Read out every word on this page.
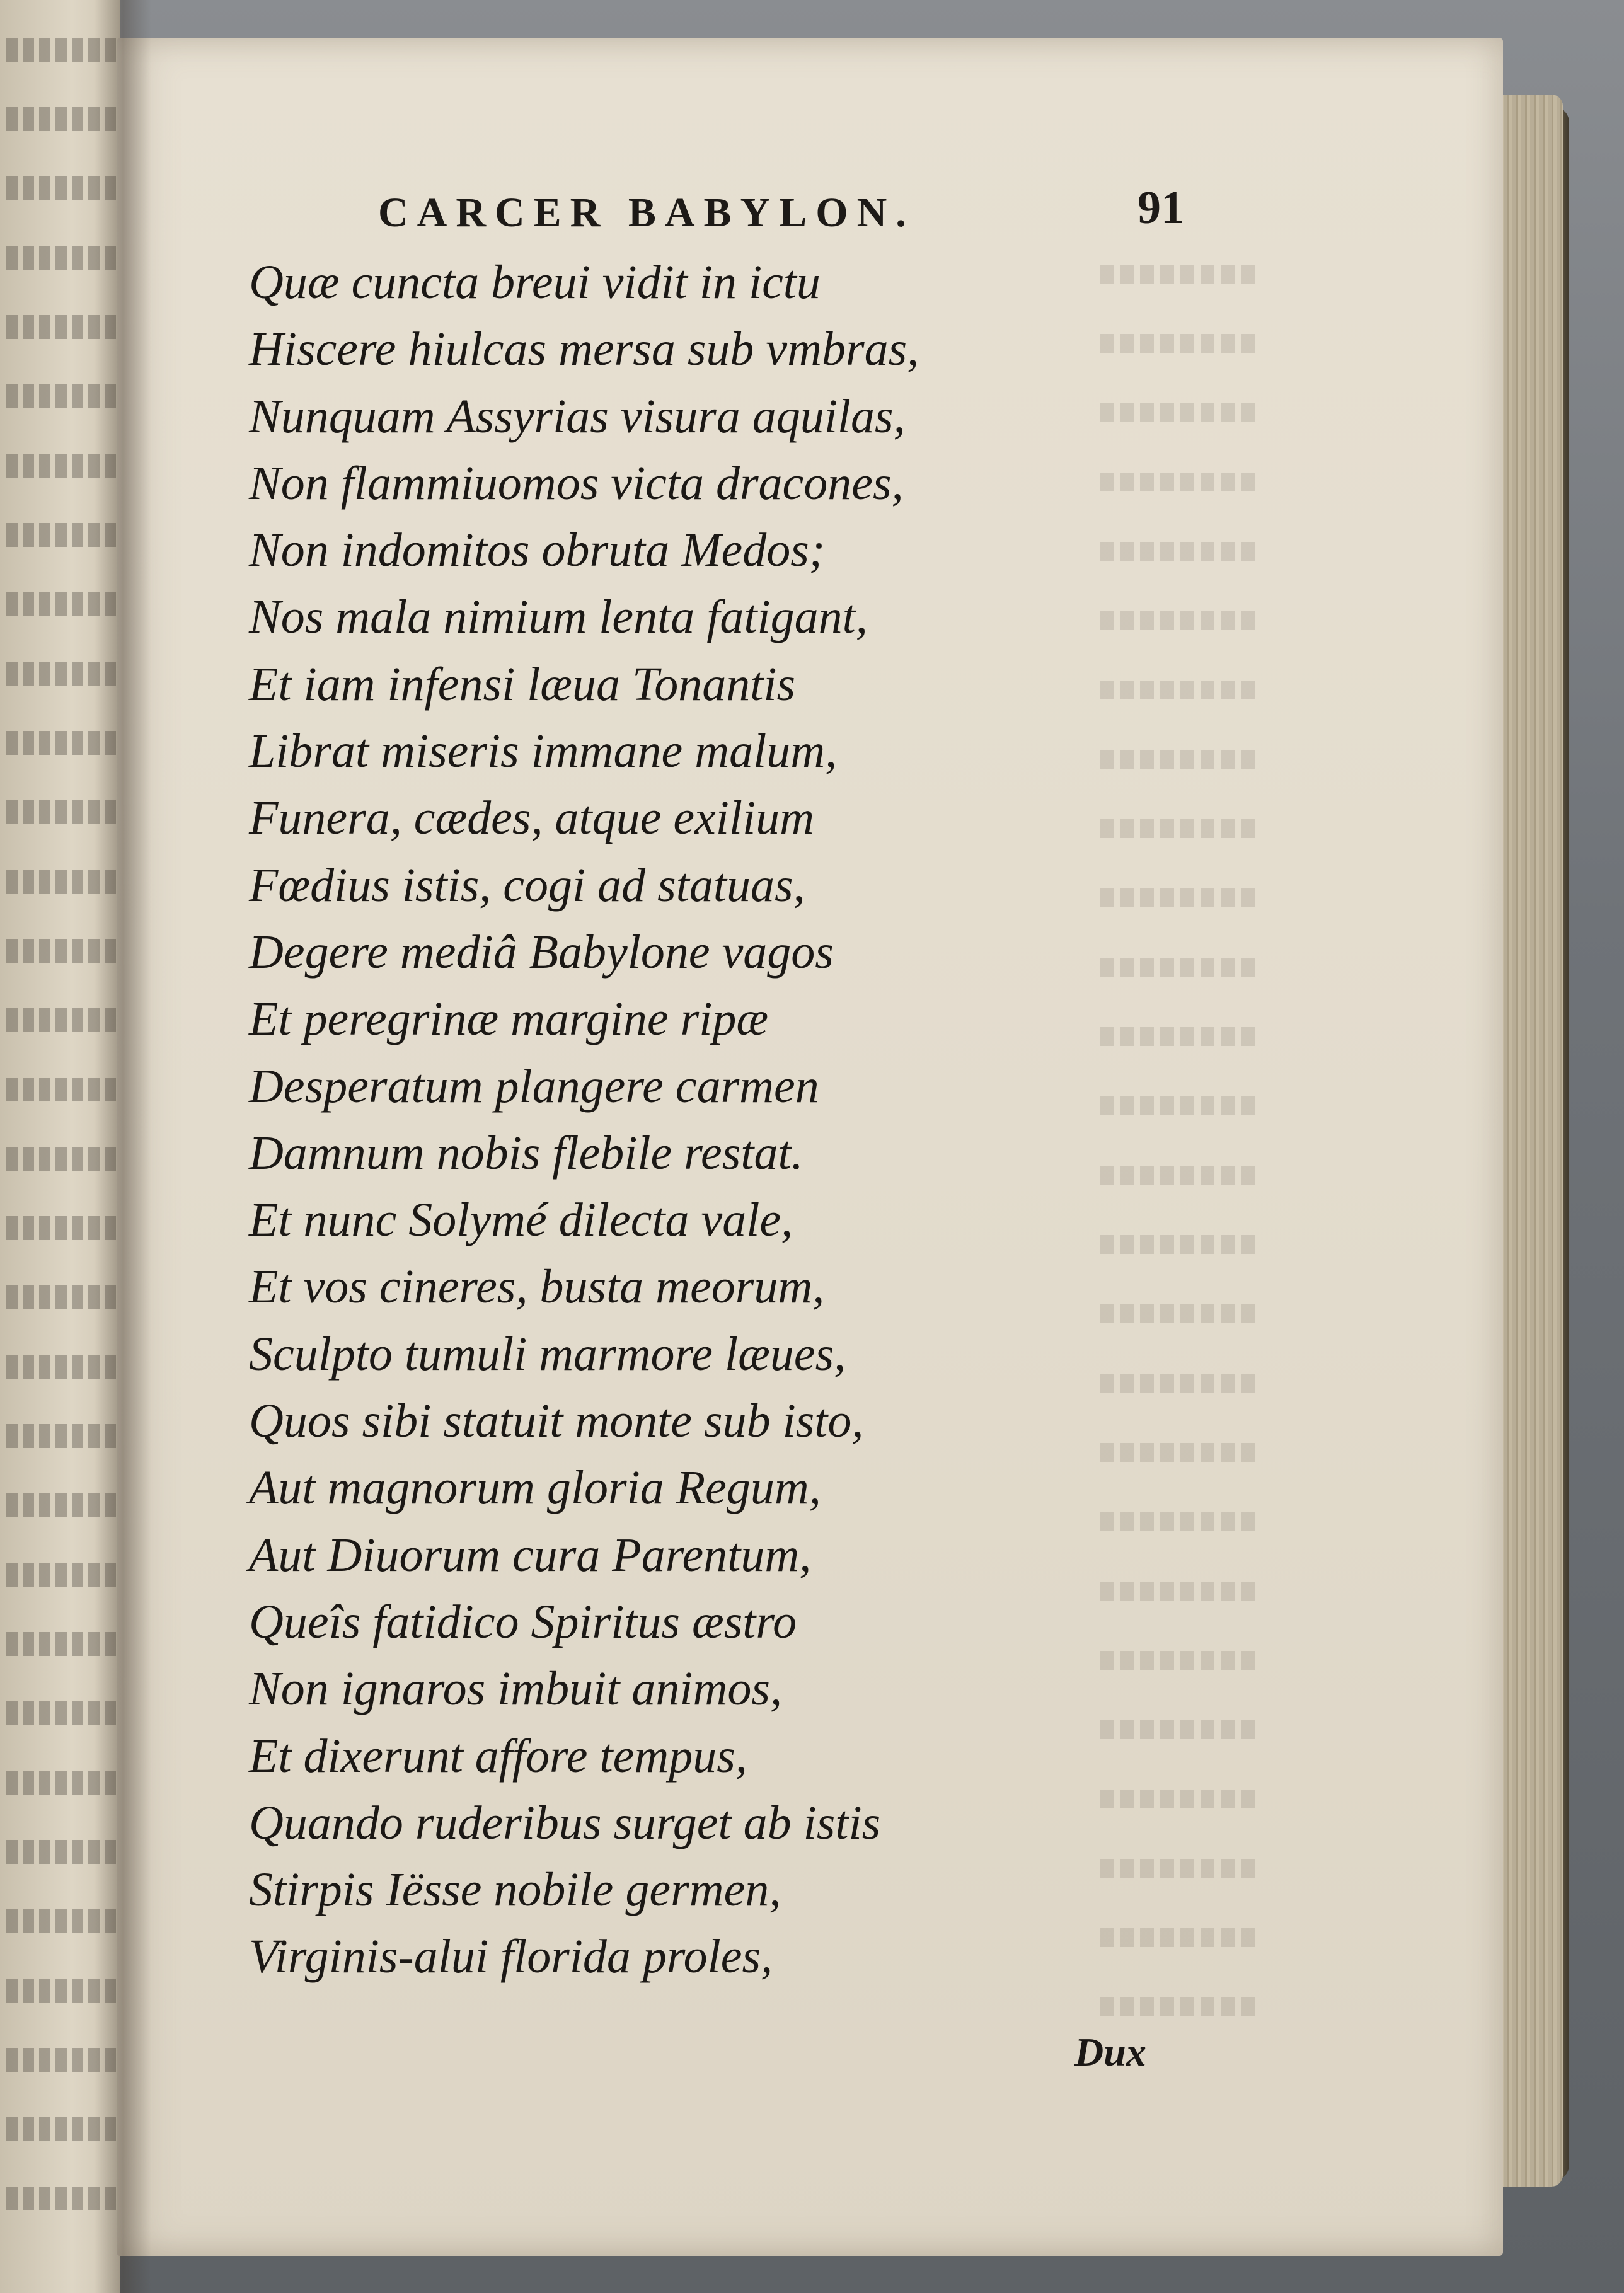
CARCER BABYLON.	91
Quæ cuncta breui vidit in ictu
Hiscere hiulcas mersa sub vmbras,
Nunquam Assyrias visura aquilas,
Non flammiuomos victa dracones,
Non indomitos obruta Medos;
Nos mala nimium lenta fatigant,
Et iam infensi læua Tonantis
Librat miseris immane malum,
Funera, cædes, atque exilium
Fœdius istis, cogi ad statuas,
Degere mediâ Babylone vagos
Et peregrinæ margine ripæ
Desperatum plangere carmen
Damnum nobis flebile restat.
Et nunc Solymé dilecta vale,
Et vos cineres, busta meorum,
Sculpto tumuli marmore læues,
Quos sibi statuit monte sub isto,
Aut magnorum gloria Regum,
Aut Diuorum cura Parentum,
Queîs fatidico Spiritus æstro
Non ignaros imbuit animos,
Et dixerunt affore tempus,
Quando ruderibus surget ab istis
Stirpis Iësse nobile germen,
Virginis-alui florida proles,
Dux
